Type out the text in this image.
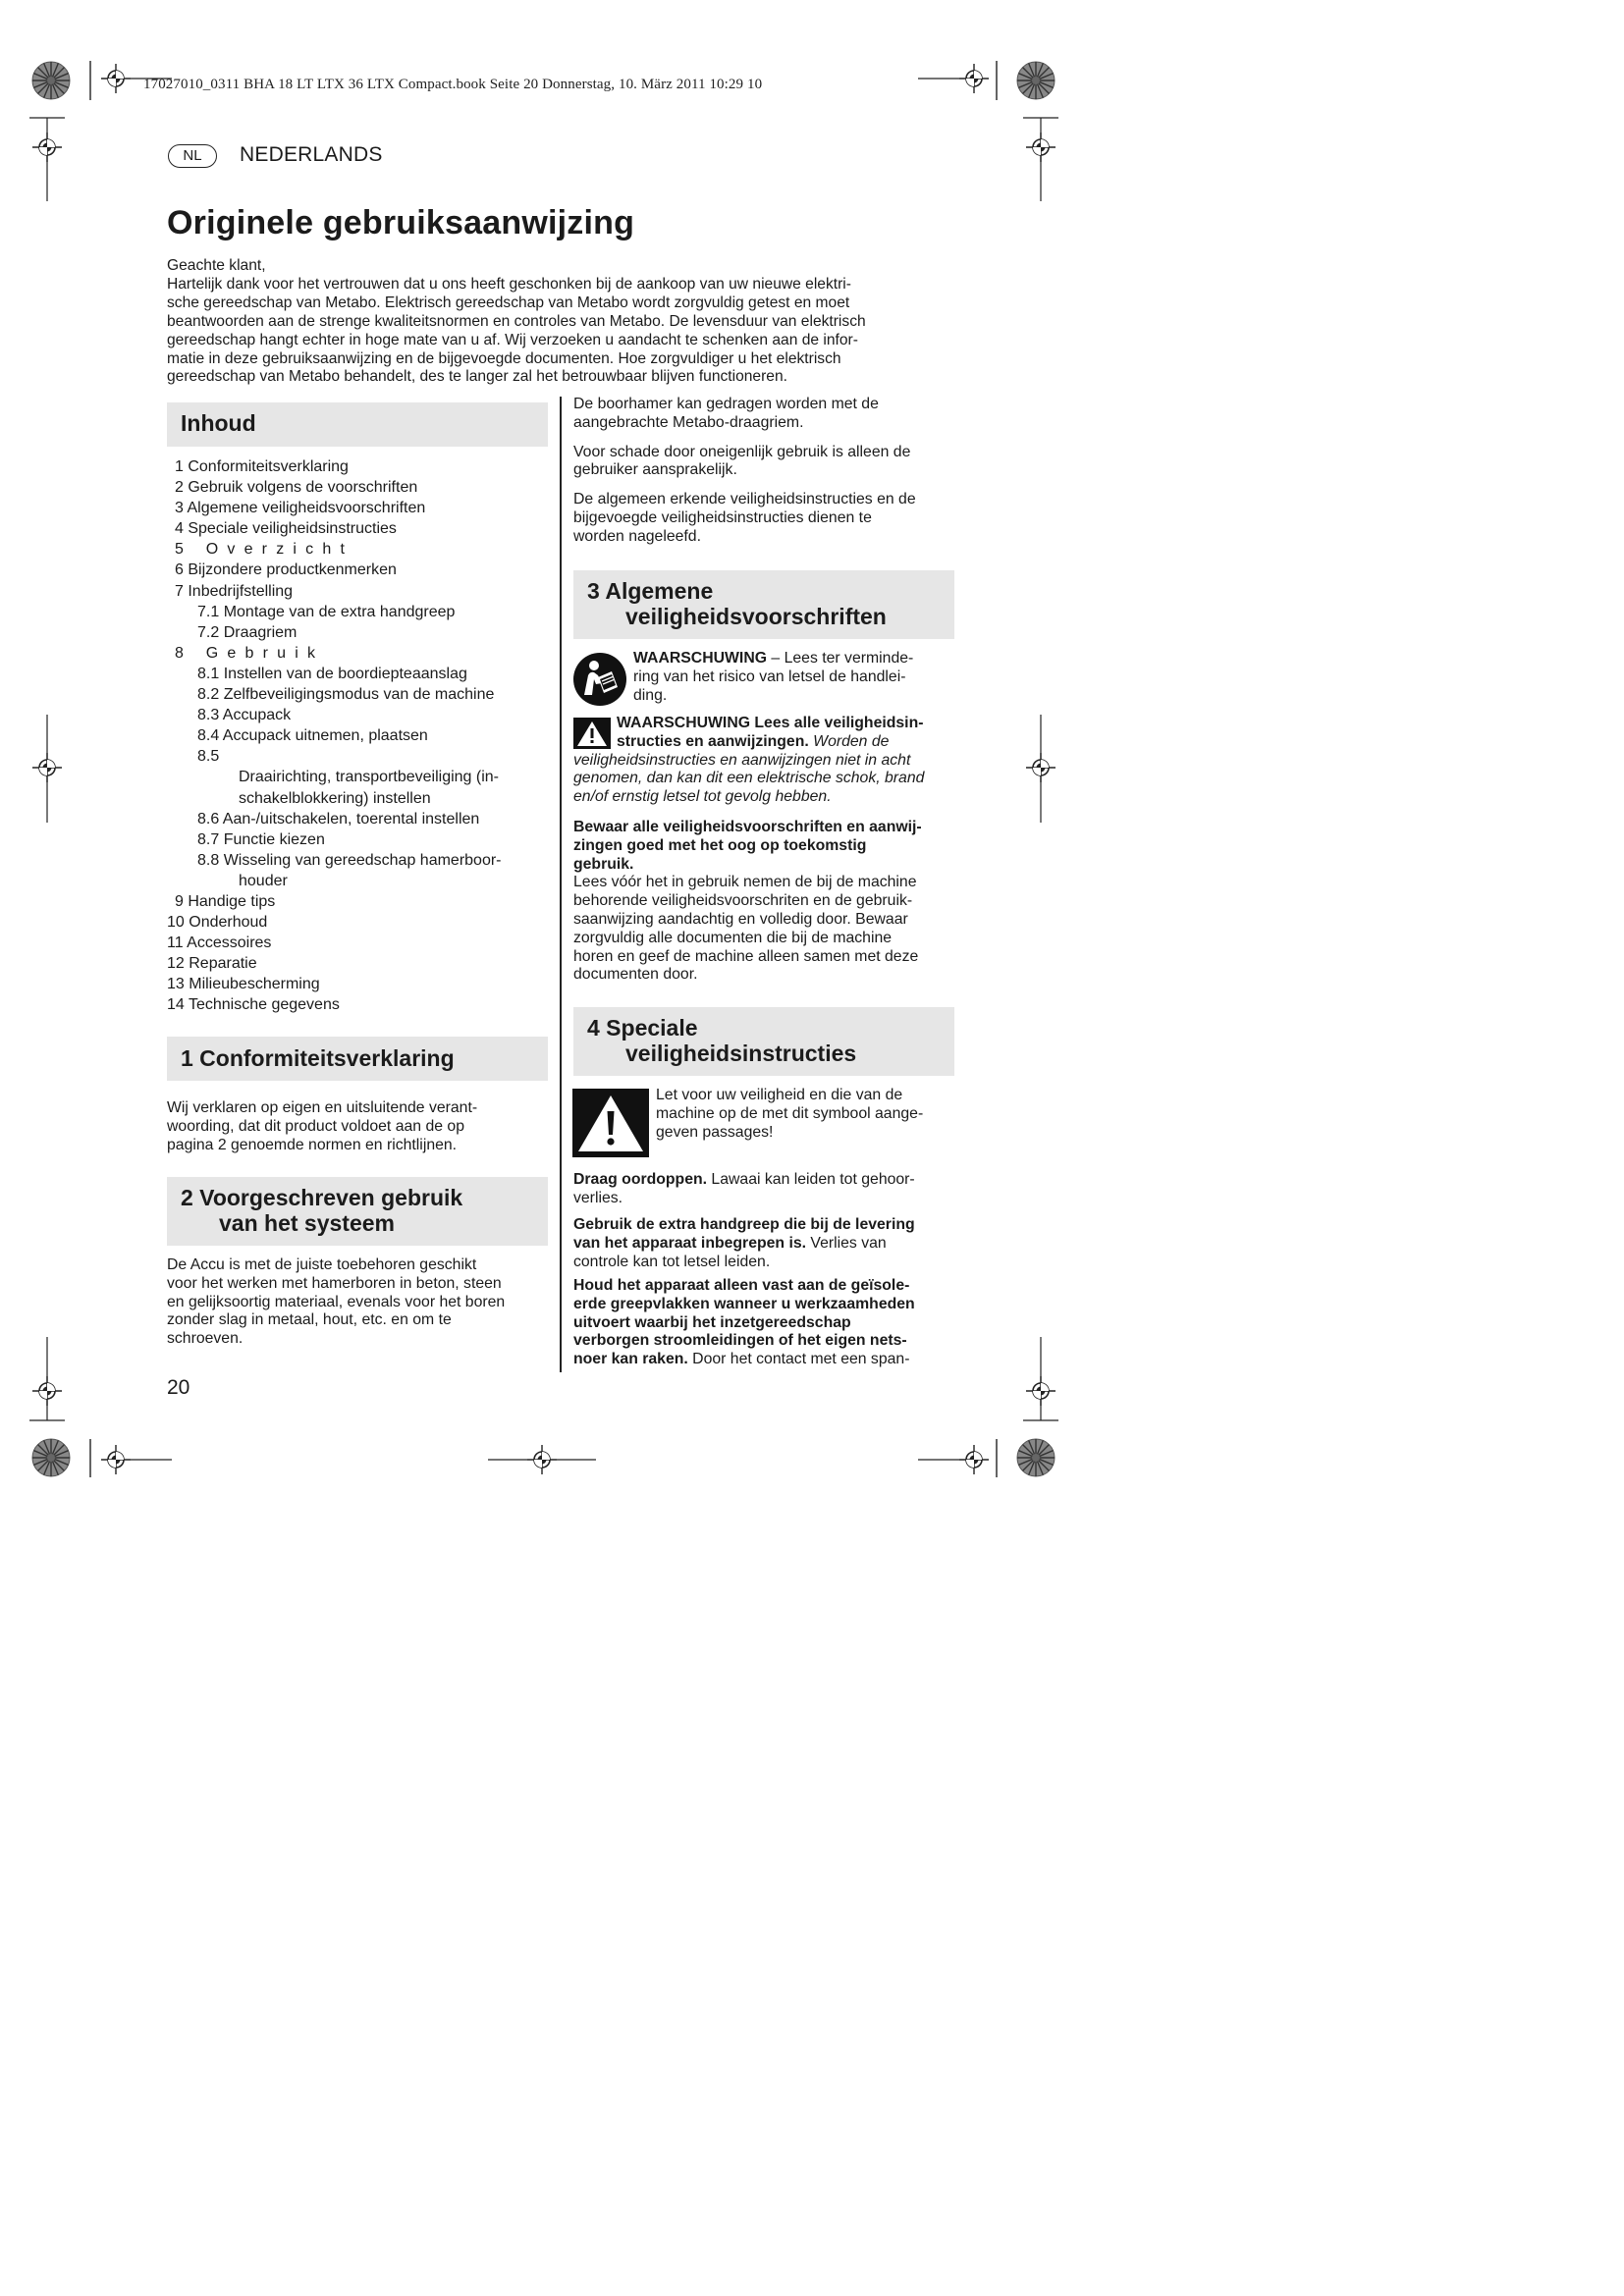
17027010_0311 BHA 18 LT LTX 36 LTX Compact.book Seite 20 Donnerstag, 10. März 2011 10:29 10
NL	NEDERLANDS
Originele gebruiksaanwijzing

Geachte klant,

Hartelijk dank voor het vertrouwen dat u ons heeft geschonken bij de aankoop van uw nieuwe elektri-

sche gereedschap van Metabo. Elektrisch gereedschap van Metabo wordt zorgvuldig getest en moet

beantwoorden aan de strenge kwaliteitsnormen en controles van Metabo. De levensduur van elektrisch

gereedschap hangt echter in hoge mate van u af. Wij verzoeken u aandacht te schenken aan de infor-

matie in deze gebruiksaanwijzing en de bijgevoegde documenten. Hoe zorgvuldiger u het elektrisch

gereedschap van Metabo behandelt, des te langer zal het betrouwbaar blijven functioneren.

Inhoud
1 Conformiteitsverklaring
2 Gebruik volgens de voorschriften
3 Algemene veiligheidsvoorschriften
4 Speciale veiligheidsinstructies
5 Overzicht
6 Bijzondere productkenmerken
7 Inbedrijfstelling
7.1 Montage van de extra handgreep
7.2 Draagriem
8 Gebruik
8.1 Instellen van de boordiepteaanslag
8.2 Zelfbeveiligingsmodus van de machine
8.3 Accupack
8.4 Accupack uitnemen, plaatsen
8.5
Draairichting, transportbeveiliging (in-
schakelblokkering) instellen
8.6 Aan-/uitschakelen, toerental instellen
8.7 Functie kiezen
8.8 Wisseling van gereedschap hamerboor-
houder
9 Handige tips
10 Onderhoud
11 Accessoires
12 Reparatie
13 Milieubescherming
14 Technische gegevens
1 Conformiteitsverklaring
Wij verklaren op eigen en uitsluitende verant-
woording, dat dit product voldoet aan de op
pagina 2 genoemde normen en richtlijnen.
2 Voorgeschreven gebruik
van het systeem
De Accu is met de juiste toebehoren geschikt
voor het werken met hamerboren in beton, steen
en gelijksoortig materiaal, evenals voor het boren
zonder slag in metaal, hout, etc. en om te
schroeven.
20

De boorhamer kan gedragen worden met de
aangebrachte Metabo-draagriem.

Voor schade door oneigenlijk gebruik is alleen de
gebruiker aansprakelijk.

De algemeen erkende veiligheidsinstructies en de
bijgevoegde veiligheidsinstructies dienen te
worden nageleefd.

3 Algemene
veiligheidsvoorschriften
WAARSCHUWING – Lees ter verminde-
ring van het risico van letsel de handlei-
ding.
WAARSCHUWING Lees alle veiligheidsin-
structies en aanwijzingen. Worden de
veiligheidsinstructies en aanwijzingen niet in acht
genomen, dan kan dit een elektrische schok, brand
en/of ernstig letsel tot gevolg hebben.
Bewaar alle veiligheidsvoorschriften en aanwij-
zingen goed met het oog op toekomstig
gebruik.
Lees vóór het in gebruik nemen de bij de machine
behorende veiligheidsvoorschriten en de gebruik-
saanwijzing aandachtig en volledig door. Bewaar
zorgvuldig alle documenten die bij de machine
horen en geef de machine alleen samen met deze
documenten door.
4 Speciale
veiligheidsinstructies
Let voor uw veiligheid en die van de
machine op de met dit symbool aange-
geven passages!
Draag oordoppen. Lawaai kan leiden tot gehoor-
verlies.
Gebruik de extra handgreep die bij de levering
van het apparaat inbegrepen is. Verlies van
controle kan tot letsel leiden.
Houd het apparaat alleen vast aan de geïsole-
erde greepvlakken wanneer u werkzaamheden
uitvoert waarbij het inzetgereedschap
verborgen stroomleidingen of het eigen nets-
noer kan raken. Door het contact met een span-
